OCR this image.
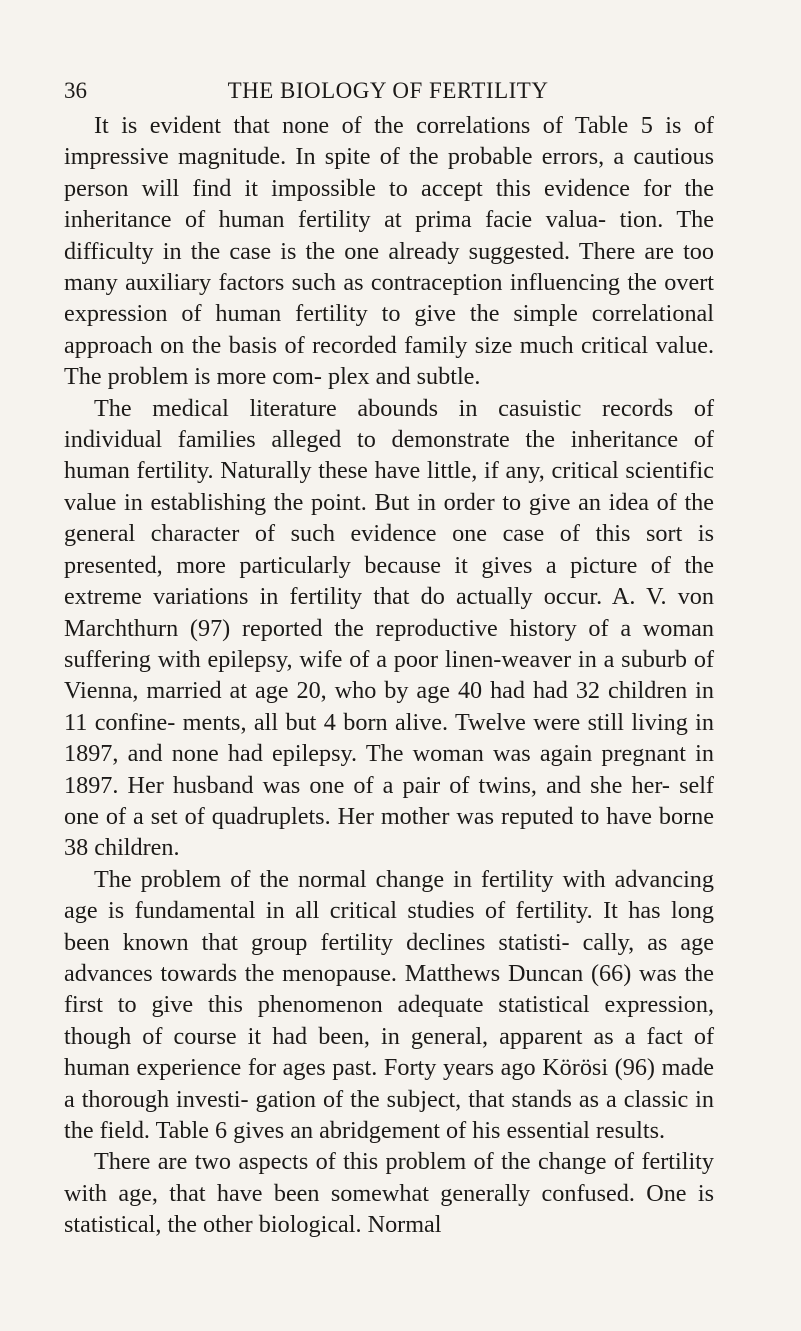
36	THE BIOLOGY OF FERTILITY

It is evident that none of the correlations of Table 5 is of impressive magnitude. In spite of the probable errors, a cautious person will find it impossible to accept this evidence for the inheritance of human fertility at prima facie valua- tion. The difficulty in the case is the one already suggested. There are too many auxiliary factors such as contraception influencing the overt expression of human fertility to give the simple correlational approach on the basis of recorded family size much critical value. The problem is more com- plex and subtle.

The medical literature abounds in casuistic records of individual families alleged to demonstrate the inheritance of human fertility. Naturally these have little, if any, critical scientific value in establishing the point. But in order to give an idea of the general character of such evidence one case of this sort is presented, more particularly because it gives a picture of the extreme variations in fertility that do actually occur. A. V. von Marchthurn (97) reported the reproductive history of a woman suffering with epilepsy, wife of a poor linen-weaver in a suburb of Vienna, married at age 20, who by age 40 had had 32 children in 11 confine- ments, all but 4 born alive. Twelve were still living in 1897, and none had epilepsy. The woman was again pregnant in 1897. Her husband was one of a pair of twins, and she her- self one of a set of quadruplets. Her mother was reputed to have borne 38 children.

The problem of the normal change in fertility with advancing age is fundamental in all critical studies of fertility. It has long been known that group fertility declines statisti- cally, as age advances towards the menopause. Matthews Duncan (66) was the first to give this phenomenon adequate statistical expression, though of course it had been, in general, apparent as a fact of human experience for ages past. Forty years ago Körösi (96) made a thorough investi- gation of the subject, that stands as a classic in the field. Table 6 gives an abridgement of his essential results.

There are two aspects of this problem of the change of fertility with age, that have been somewhat generally confused. One is statistical, the other biological. Normal
